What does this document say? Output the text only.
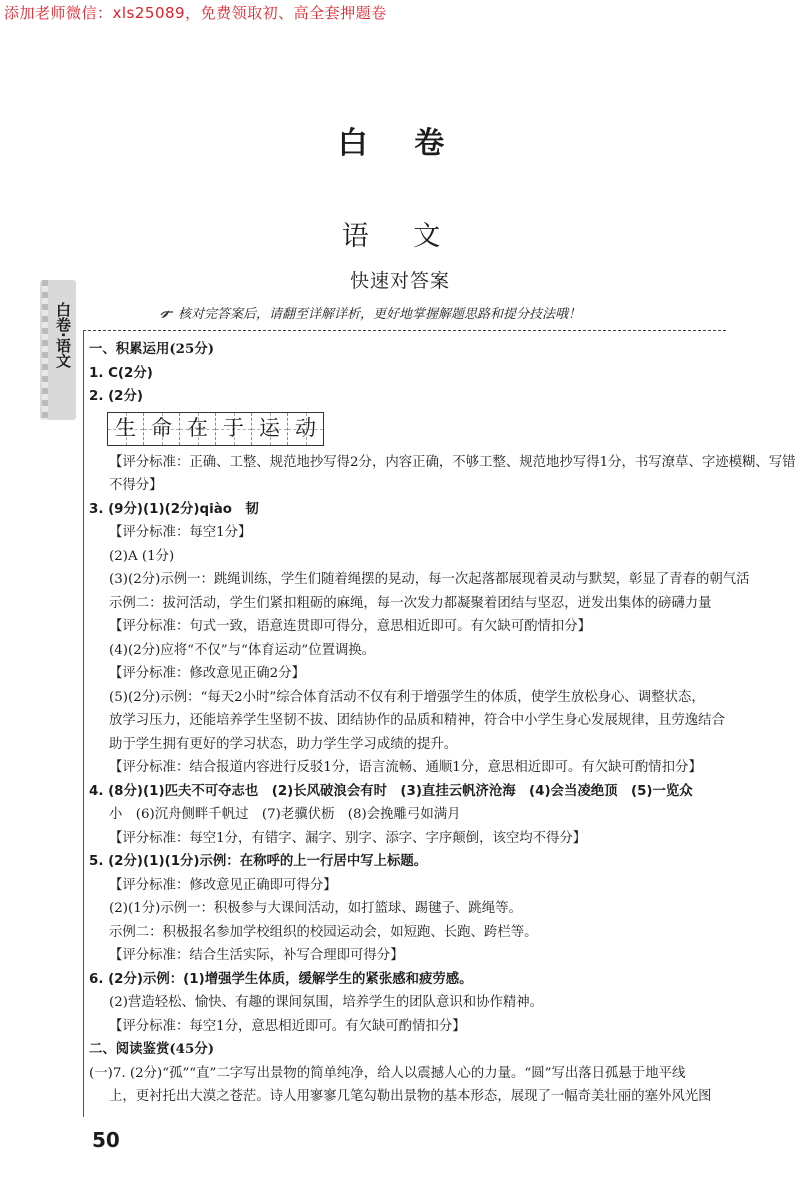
添加老师微信：xls25089，免费领取初、高全套押题卷
白卷·语文
白 卷
语 文
快速对答案
核对完答案后，请翻至详解详析，更好地掌握解题思路和提分技法哦！

一、积累运用(25分)

1. C(2分)

2. (2分)

生 命 在 于 运 动

【评分标准：正确、工整、规范地抄写得2分，内容正确，不够工整、规范地抄写得1分，书写潦草、字迹模糊、写错

不得分】

3. (9分)(1)(2分)qiào　韧

【评分标准：每空1分】

(2)A (1分)

(3)(2分)示例一：跳绳训练，学生们随着绳摆的晃动，每一次起落都展现着灵动与默契，彰显了青春的朝气活

示例二：拔河活动，学生们紧扣粗砺的麻绳，每一次发力都凝聚着团结与坚忍，迸发出集体的磅礴力量

【评分标准：句式一致，语意连贯即可得分，意思相近即可。有欠缺可酌情扣分】

(4)(2分)应将“不仅”与“体育运动”位置调换。

【评分标准：修改意见正确2分】

(5)(2分)示例：“每天2小时”综合体育活动不仅有利于增强学生的体质，使学生放松身心、调整状态，

放学习压力，还能培养学生坚韧不拔、团结协作的品质和精神，符合中小学生身心发展规律，且劳逸结合

助于学生拥有更好的学习状态，助力学生学习成绩的提升。

【评分标准：结合报道内容进行反驳1分，语言流畅、通顺1分，意思相近即可。有欠缺可酌情扣分】

4. (8分)(1)匹夫不可夺志也　(2)长风破浪会有时　(3)直挂云帆济沧海　(4)会当凌绝顶　(5)一览众

小　(6)沉舟侧畔千帆过　(7)老骥伏枥　(8)会挽雕弓如满月

【评分标准：每空1分，有错字、漏字、别字、添字、字序颠倒，该空均不得分】

5. (2分)(1)(1分)示例：在称呼的上一行居中写上标题。

【评分标准：修改意见正确即可得分】

(2)(1分)示例一：积极参与大课间活动，如打篮球、踢毽子、跳绳等。

示例二：积极报名参加学校组织的校园运动会，如短跑、长跑、跨栏等。

【评分标准：结合生活实际，补写合理即可得分】

6. (2分)示例：(1)增强学生体质，缓解学生的紧张感和疲劳感。

(2)营造轻松、愉快、有趣的课间氛围，培养学生的团队意识和协作精神。

【评分标准：每空1分，意思相近即可。有欠缺可酌情扣分】

二、阅读鉴赏(45分)

(一)7. (2分)“孤”“直”二字写出景物的简单纯净，给人以震撼人心的力量。“圆”写出落日孤悬于地平线

上，更衬托出大漠之苍茫。诗人用寥寥几笔勾勒出景物的基本形态，展现了一幅奇美壮丽的塞外风光图

50
